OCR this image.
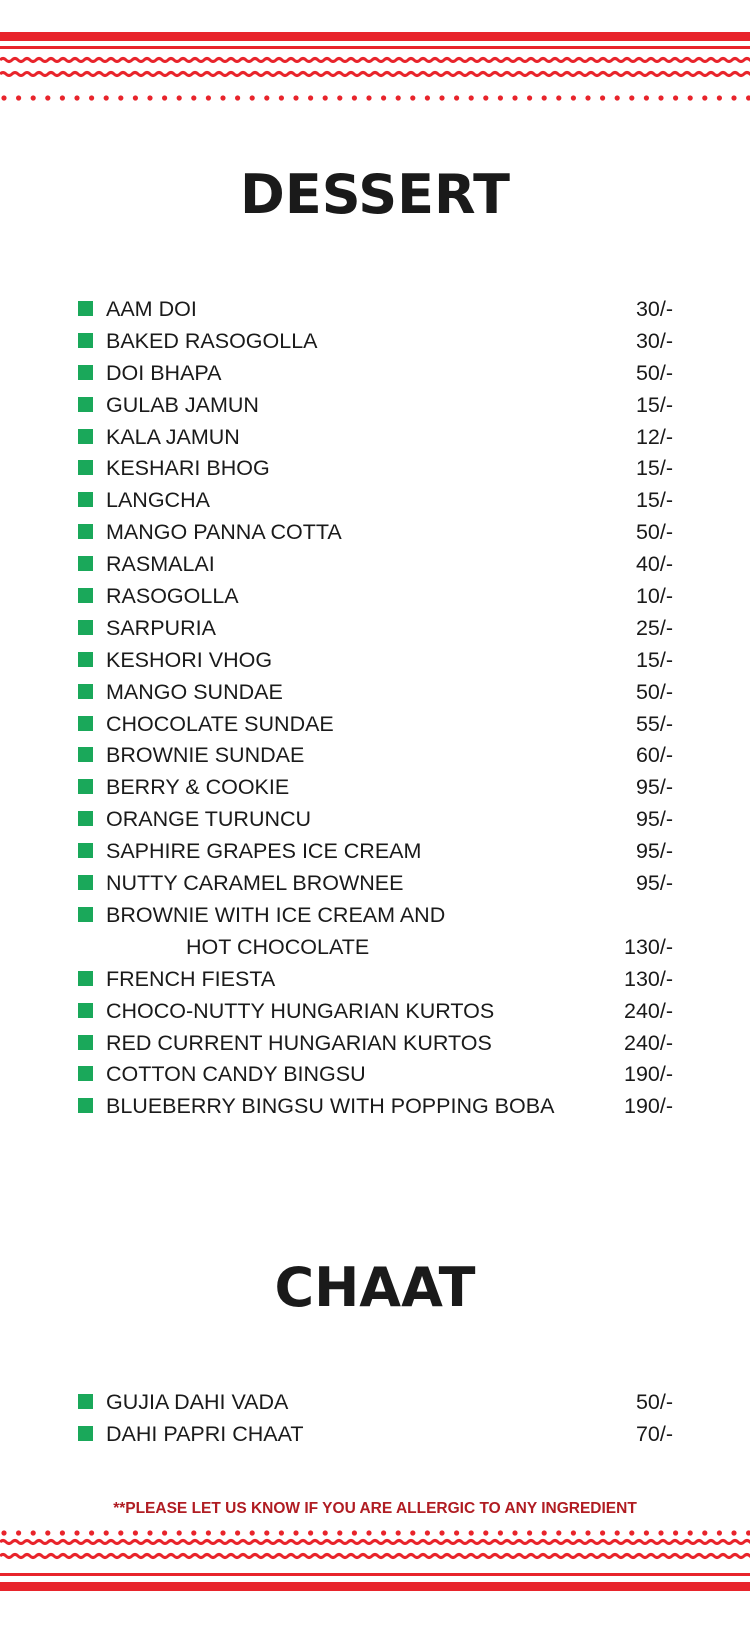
DESSERT
AAM DOI	30/-
BAKED RASOGOLLA	30/-
DOI BHAPA	50/-
GULAB JAMUN	15/-
KALA JAMUN	12/-
KESHARI BHOG	15/-
LANGCHA	15/-
MANGO PANNA COTTA	50/-
RASMALAI	40/-
RASOGOLLA	10/-
SARPURIA	25/-
KESHORI VHOG	15/-
MANGO SUNDAE	50/-
CHOCOLATE SUNDAE	55/-
BROWNIE SUNDAE	60/-
BERRY & COOKIE	95/-
ORANGE TURUNCU	95/-
SAPHIRE GRAPES ICE CREAM	95/-
NUTTY CARAMEL BROWNEE	95/-
BROWNIE WITH ICE CREAM AND
HOT CHOCOLATE	130/-
FRENCH FIESTA	130/-
CHOCO-NUTTY HUNGARIAN KURTOS	240/-
RED CURRENT HUNGARIAN KURTOS	240/-
COTTON CANDY BINGSU	190/-
BLUEBERRY BINGSU WITH POPPING BOBA	190/-
CHAAT
GUJIA DAHI VADA	50/-
DAHI PAPRI CHAAT	70/-

**PLEASE LET US KNOW IF YOU ARE ALLERGIC TO ANY INGREDIENT
